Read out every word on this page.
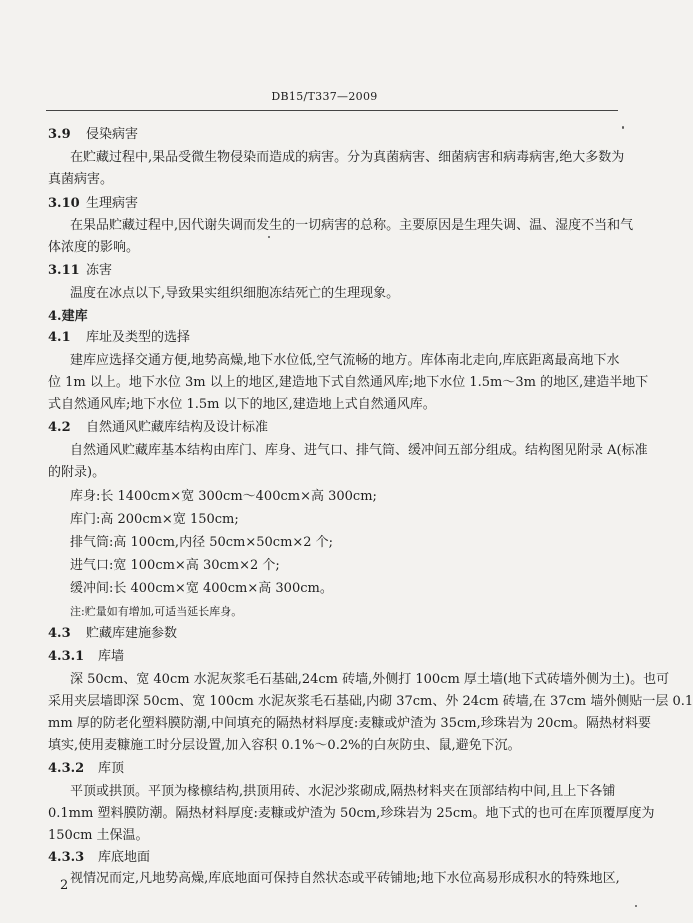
DB15/T337—2009
3.9 侵染病害
在贮藏过程中,果品受微生物侵染而造成的病害。分为真菌病害、细菌病害和病毒病害,绝大多数为
真菌病害。
3.10 生理病害
在果品贮藏过程中,因代谢失调而发生的一切病害的总称。主要原因是生理失调、温、湿度不当和气
体浓度的影响。
3.11 冻害
温度在冰点以下,导致果实组织细胞冻结死亡的生理现象。
4.建库
4.1 库址及类型的选择
建库应选择交通方便,地势高燥,地下水位低,空气流畅的地方。库体南北走向,库底距离最高地下水
位 1m 以上。地下水位 3m 以上的地区,建造地下式自然通风库;地下水位 1.5m～3m 的地区,建造半地下
式自然通风库;地下水位 1.5m 以下的地区,建造地上式自然通风库。
4.2 自然通风贮藏库结构及设计标准
自然通风贮藏库基本结构由库门、库身、进气口、排气筒、缓冲间五部分组成。结构图见附录 A(标准
的附录)。
库身:长 1400cm×宽 300cm～400cm×高 300cm;
库门:高 200cm×宽 150cm;
排气筒:高 100cm,内径 50cm×50cm×2 个;
进气口:宽 100cm×高 30cm×2 个;
缓冲间:长 400cm×宽 400cm×高 300cm。
注:贮量如有增加,可适当延长库身。
4.3 贮藏库建施参数
4.3.1 库墙
深 50cm、宽 40cm 水泥灰浆毛石基础,24cm 砖墙,外侧打 100cm 厚土墙(地下式砖墙外侧为土)。也可
采用夹层墙即深 50cm、宽 100cm 水泥灰浆毛石基础,内砌 37cm、外 24cm 砖墙,在 37cm 墙外侧贴一层 0.1
mm 厚的防老化塑料膜防潮,中间填充的隔热材料厚度:麦糠或炉渣为 35cm,珍珠岩为 20cm。隔热材料要
填实,使用麦糠施工时分层设置,加入容积 0.1%～0.2%的白灰防虫、鼠,避免下沉。
4.3.2 库顶
平顶或拱顶。平顶为椽檩结构,拱顶用砖、水泥沙浆砌成,隔热材料夹在顶部结构中间,且上下各铺
0.1mm 塑料膜防潮。隔热材料厚度:麦糠或炉渣为 50cm,珍珠岩为 25cm。地下式的也可在库顶覆厚度为
150cm 土保温。
4.3.3 库底地面
视情况而定,凡地势高燥,库底地面可保持自然状态或平砖铺地;地下水位高易形成积水的特殊地区,
2
